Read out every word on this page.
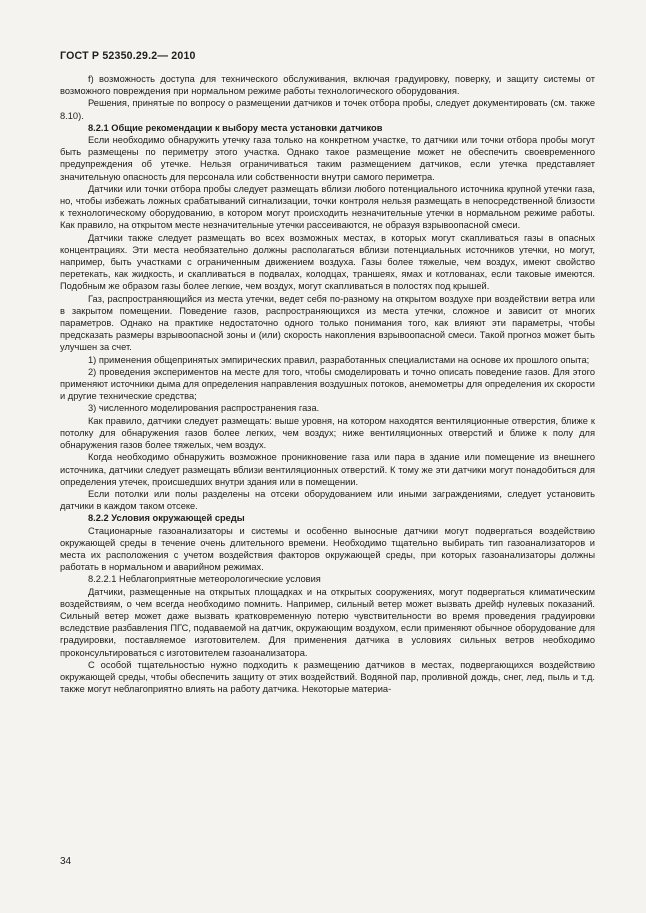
ГОСТ Р 52350.29.2— 2010

f) возможность доступа для технического обслуживания, включая градуировку, поверку, и защиту системы от возможного повреждения при нормальном режиме работы технологического оборудования.

Решения, принятые по вопросу о размещении датчиков и точек отбора пробы, следует документировать (см. также 8.10).

8.2.1 Общие рекомендации к выбору места установки датчиков

Если необходимо обнаружить утечку газа только на конкретном участке, то датчики или точки отбора пробы могут быть размещены по периметру этого участка. Однако такое размещение может не обеспечить своевременного предупреждения об утечке. Нельзя ограничиваться таким размещением датчиков, если утечка представляет значительную опасность для персонала или собственности внутри самого периметра.

Датчики или точки отбора пробы следует размещать вблизи любого потенциального источника крупной утечки газа, но, чтобы избежать ложных срабатываний сигнализации, точки контроля нельзя размещать в непосредственной близости к технологическому оборудованию, в котором могут происходить незначительные утечки в нормальном режиме работы. Как правило, на открытом месте незначительные утечки рассеиваются, не образуя взрывоопасной смеси.

Датчики также следует размещать во всех возможных местах, в которых могут скапливаться газы в опасных концентрациях. Эти места необязательно должны располагаться вблизи потенциальных источников утечки, но могут, например, быть участками с ограниченным движением воздуха. Газы более тяжелые, чем воздух, имеют свойство перетекать, как жидкость, и скапливаться в подвалах, колодцах, траншеях, ямах и котлованах, если таковые имеются. Подобным же образом газы более легкие, чем воздух, могут скапливаться в полостях под крышей.

Газ, распространяющийся из места утечки, ведет себя по-разному на открытом воздухе при воздействии ветра или в закрытом помещении. Поведение газов, распространяющихся из места утечки, сложное и зависит от многих параметров. Однако на практике недостаточно одного только понимания того, как влияют эти параметры, чтобы предсказать размеры взрывоопасной зоны и (или) скорость накопления взрывоопасной смеси. Такой прогноз может быть улучшен за счет.

1) применения общепринятых эмпирических правил, разработанных специалистами на основе их прошлого опыта;

2) проведения экспериментов на месте для того, чтобы смоделировать и точно описать поведение газов. Для этого применяют источники дыма для определения направления воздушных потоков, анемометры для определения их скорости и другие технические средства;

3) численного моделирования распространения газа.

Как правило, датчики следует размещать: выше уровня, на котором находятся вентиляционные отверстия, ближе к потолку для обнаружения газов более легких, чем воздух; ниже вентиляционных отверстий и ближе к полу для обнаружения газов более тяжелых, чем воздух.

Когда необходимо обнаружить возможное проникновение газа или пара в здание или помещение из внешнего источника, датчики следует размещать вблизи вентиляционных отверстий. К тому же эти датчики могут понадобиться для определения утечек, происшедших внутри здания или в помещении.

Если потолки или полы разделены на отсеки оборудованием или иными заграждениями, следует установить датчики в каждом таком отсеке.

8.2.2 Условия окружающей среды

Стационарные газоанализаторы и системы и особенно выносные датчики могут подвергаться воздействию окружающей среды в течение очень длительного времени. Необходимо тщательно выбирать тип газоанализаторов и места их расположения с учетом воздействия факторов окружающей среды, при которых газоанализаторы должны работать в нормальном и аварийном режимах.

8.2.2.1 Неблагоприятные метеорологические условия

Датчики, размещенные на открытых площадках и на открытых сооружениях, могут подвергаться климатическим воздействиям, о чем всегда необходимо помнить. Например, сильный ветер может вызвать дрейф нулевых показаний. Сильный ветер может даже вызвать кратковременную потерю чувствительности во время проведения градуировки вследствие разбавления ПГС, подаваемой на датчик, окружающим воздухом, если применяют обычное оборудование для градуировки, поставляемое изготовителем. Для применения датчика в условиях сильных ветров необходимо проконсультироваться с изготовителем газоанализатора.

С особой тщательностью нужно подходить к размещению датчиков в местах, подвергающихся воздействию окружающей среды, чтобы обеспечить защиту от этих воздействий. Водяной пар, проливной дождь, снег, лед, пыль и т.д. также могут неблагоприятно влиять на работу датчика. Некоторые материа-

34
